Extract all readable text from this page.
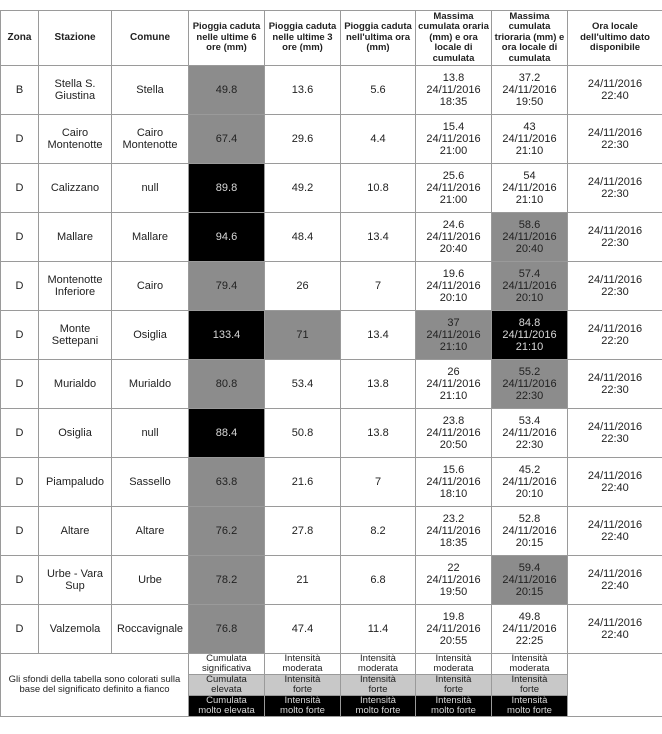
Zona	Stazione	Comune	Pioggia caduta nelle ultime 6 ore (mm)	Pioggia caduta nelle ultime 3 ore (mm)	Pioggia caduta nell'ultima ora (mm)	Massima cumulata oraria (mm) e ora locale di cumulata	Massima cumulata trioraria (mm) e ora locale di cumulata	Ora locale dell'ultimo dato disponibile
B	Stella S.
Giustina	Stella	49.8	13.6	5.6	13.8
24/11/2016
18:35	37.2
24/11/2016
19:50	24/11/2016
22:40
D	Cairo
Montenotte	Cairo
Montenotte	67.4	29.6	4.4	15.4
24/11/2016
21:00	43
24/11/2016
21:10	24/11/2016
22:30
D	Calizzano	null	89.8	49.2	10.8	25.6
24/11/2016
21:00	54
24/11/2016
21:10	24/11/2016
22:30
D	Mallare	Mallare	94.6	48.4	13.4	24.6
24/11/2016
20:40	58.6
24/11/2016
20:40	24/11/2016
22:30
D	Montenotte
Inferiore	Cairo	79.4	26	7	19.6
24/11/2016
20:10	57.4
24/11/2016
20:10	24/11/2016
22:30
D	Monte
Settepani	Osiglia	133.4	71	13.4	37
24/11/2016
21:10	84.8
24/11/2016
21:10	24/11/2016
22:20
D	Murialdo	Murialdo	80.8	53.4	13.8	26
24/11/2016
21:10	55.2
24/11/2016
22:30	24/11/2016
22:30
D	Osiglia	null	88.4	50.8	13.8	23.8
24/11/2016
20:50	53.4
24/11/2016
22:30	24/11/2016
22:30
D	Piampaludo	Sassello	63.8	21.6	7	15.6
24/11/2016
18:10	45.2
24/11/2016
20:10	24/11/2016
22:40
D	Altare	Altare	76.2	27.8	8.2	23.2
24/11/2016
18:35	52.8
24/11/2016
20:15	24/11/2016
22:40
D	Urbe - Vara
Sup	Urbe	78.2	21	6.8	22
24/11/2016
19:50	59.4
24/11/2016
20:15	24/11/2016
22:40
D	Valzemola	Roccavignale	76.8	47.4	11.4	19.8
24/11/2016
20:55	49.8
24/11/2016
22:25	24/11/2016
22:40
Gli sfondi della tabella sono colorati sulla base del significato definito a fianco			Cumulata
significativa	Intensità
moderata	Intensità
moderata	Intensità
moderata	Intensità
moderata	
			Cumulata
elevata	Intensità
forte	Intensità
forte	Intensità
forte	Intensità
forte	
			Cumulata
molto elevata	Intensità
molto forte	Intensità
molto forte	Intensità
molto forte	Intensità
molto forte	
